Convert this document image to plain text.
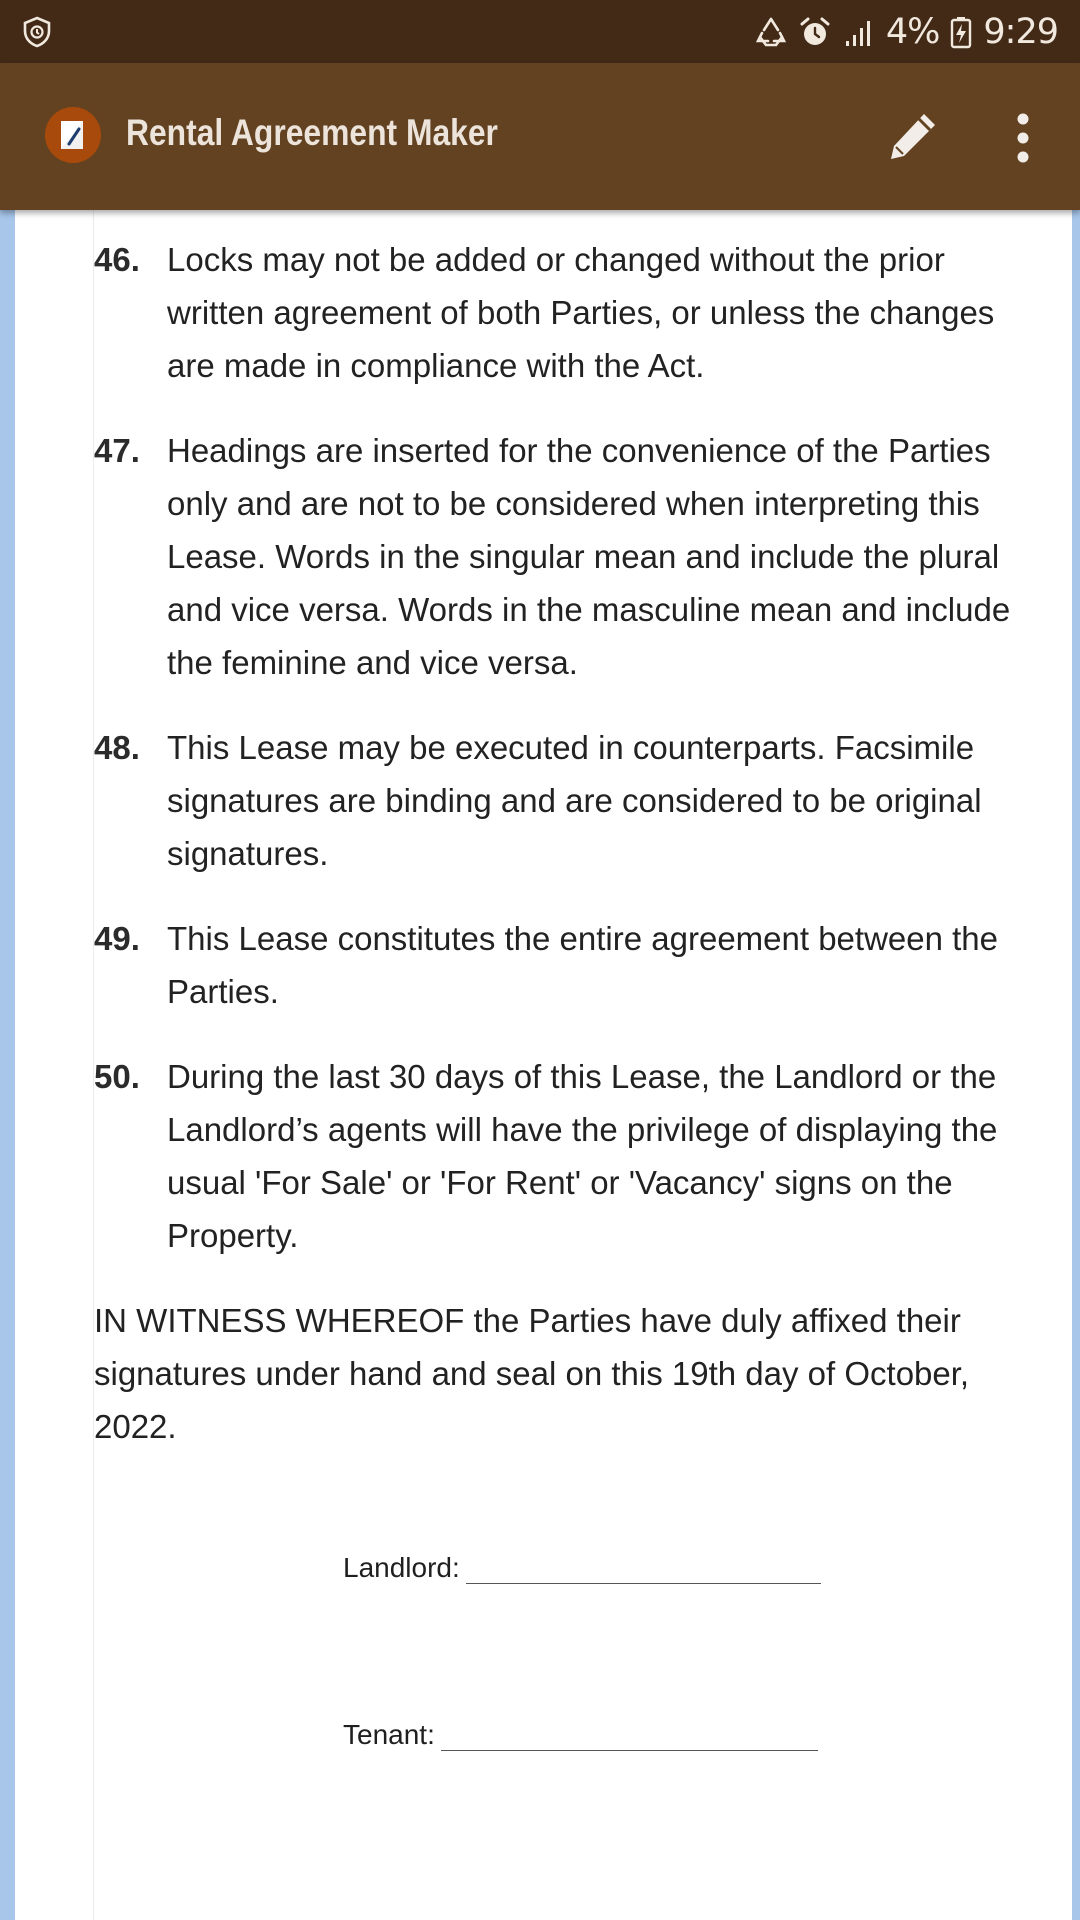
4% 9:29
Rental Agreement Maker
46. Locks may not be added or changed without the prior written agreement of both Parties, or unless the changes are made in compliance with the Act.
47. Headings are inserted for the convenience of the Parties only and are not to be considered when interpreting this Lease. Words in the singular mean and include the plural and vice versa. Words in the masculine mean and include the feminine and vice versa.
48. This Lease may be executed in counterparts. Facsimile signatures are binding and are considered to be original signatures.
49. This Lease constitutes the entire agreement between the Parties.
50. During the last 30 days of this Lease, the Landlord or the Landlord’s agents will have the privilege of displaying the usual 'For Sale' or 'For Rent' or 'Vacancy' signs on the Property.
IN WITNESS WHEREOF the Parties have duly affixed their signatures under hand and seal on this 19th day of October, 2022.
Landlord:
Tenant:
